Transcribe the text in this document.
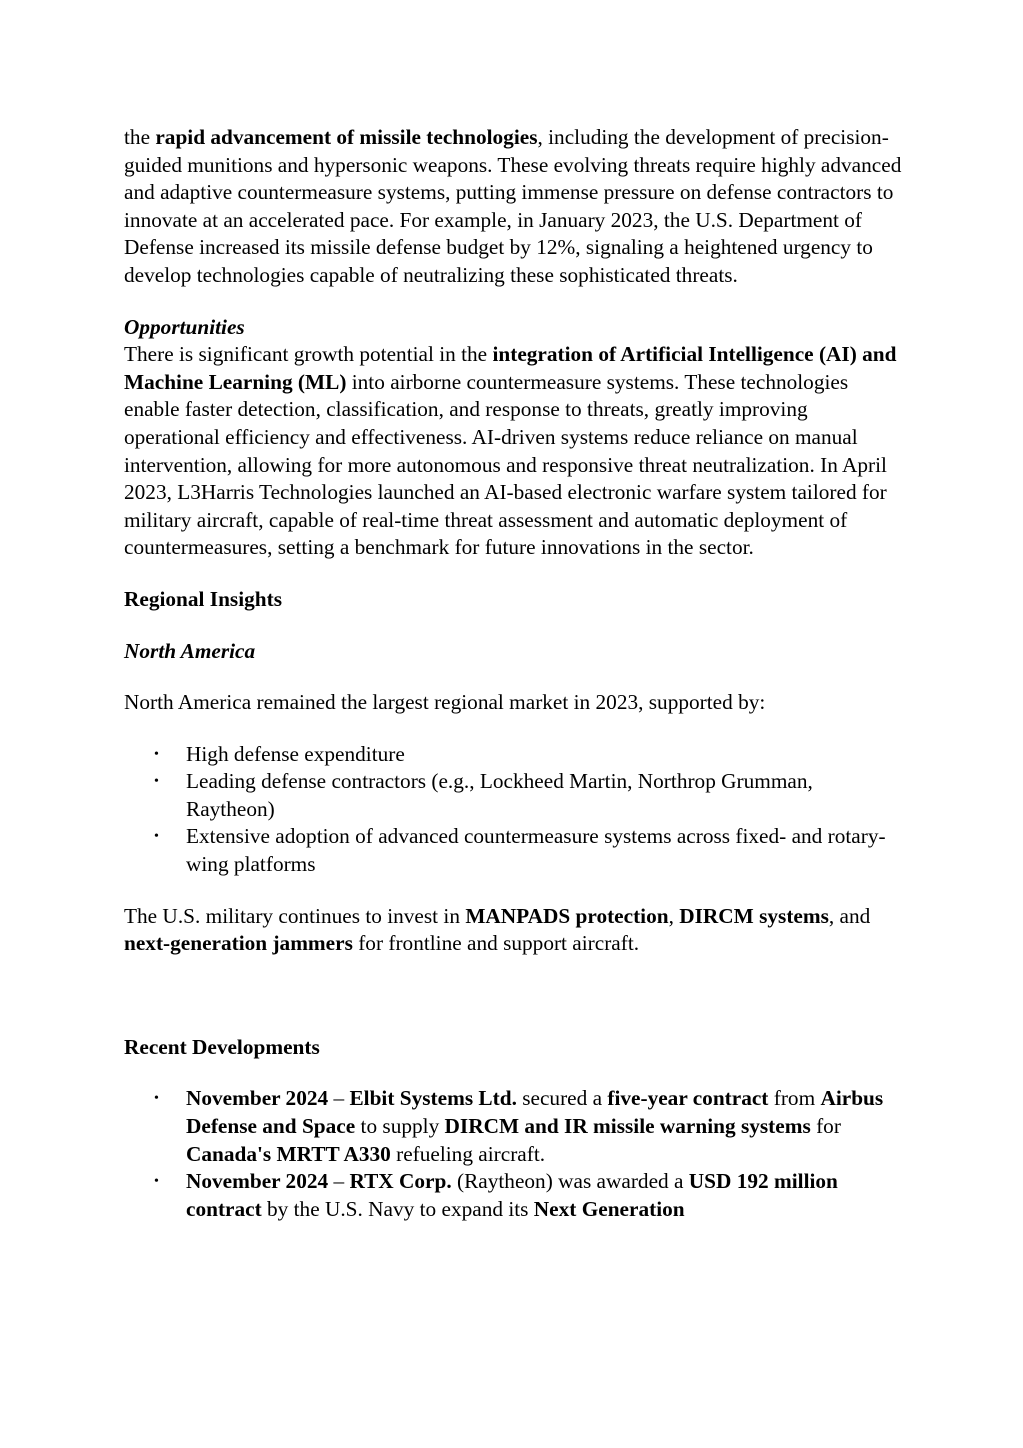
the rapid advancement of missile technologies, including the development of precision-guided munitions and hypersonic weapons. These evolving threats require highly advanced and adaptive countermeasure systems, putting immense pressure on defense contractors to innovate at an accelerated pace. For example, in January 2023, the U.S. Department of Defense increased its missile defense budget by 12%, signaling a heightened urgency to develop technologies capable of neutralizing these sophisticated threats.

Opportunities

There is significant growth potential in the integration of Artificial Intelligence (AI) and Machine Learning (ML) into airborne countermeasure systems. These technologies enable faster detection, classification, and response to threats, greatly improving operational efficiency and effectiveness. AI-driven systems reduce reliance on manual intervention, allowing for more autonomous and responsive threat neutralization. In April 2023, L3Harris Technologies launched an AI-based electronic warfare system tailored for military aircraft, capable of real-time threat assessment and automatic deployment of countermeasures, setting a benchmark for future innovations in the sector.

Regional Insights

North America

North America remained the largest regional market in 2023, supported by:

• High defense expenditure
• Leading defense contractors (e.g., Lockheed Martin, Northrop Grumman, Raytheon)
• Extensive adoption of advanced countermeasure systems across fixed- and rotary-wing platforms

The U.S. military continues to invest in MANPADS protection, DIRCM systems, and next-generation jammers for frontline and support aircraft.

Recent Developments

• November 2024 – Elbit Systems Ltd. secured a five-year contract from Airbus Defense and Space to supply DIRCM and IR missile warning systems for Canada's MRTT A330 refueling aircraft.
• November 2024 – RTX Corp. (Raytheon) was awarded a USD 192 million contract by the U.S. Navy to expand its Next Generation
